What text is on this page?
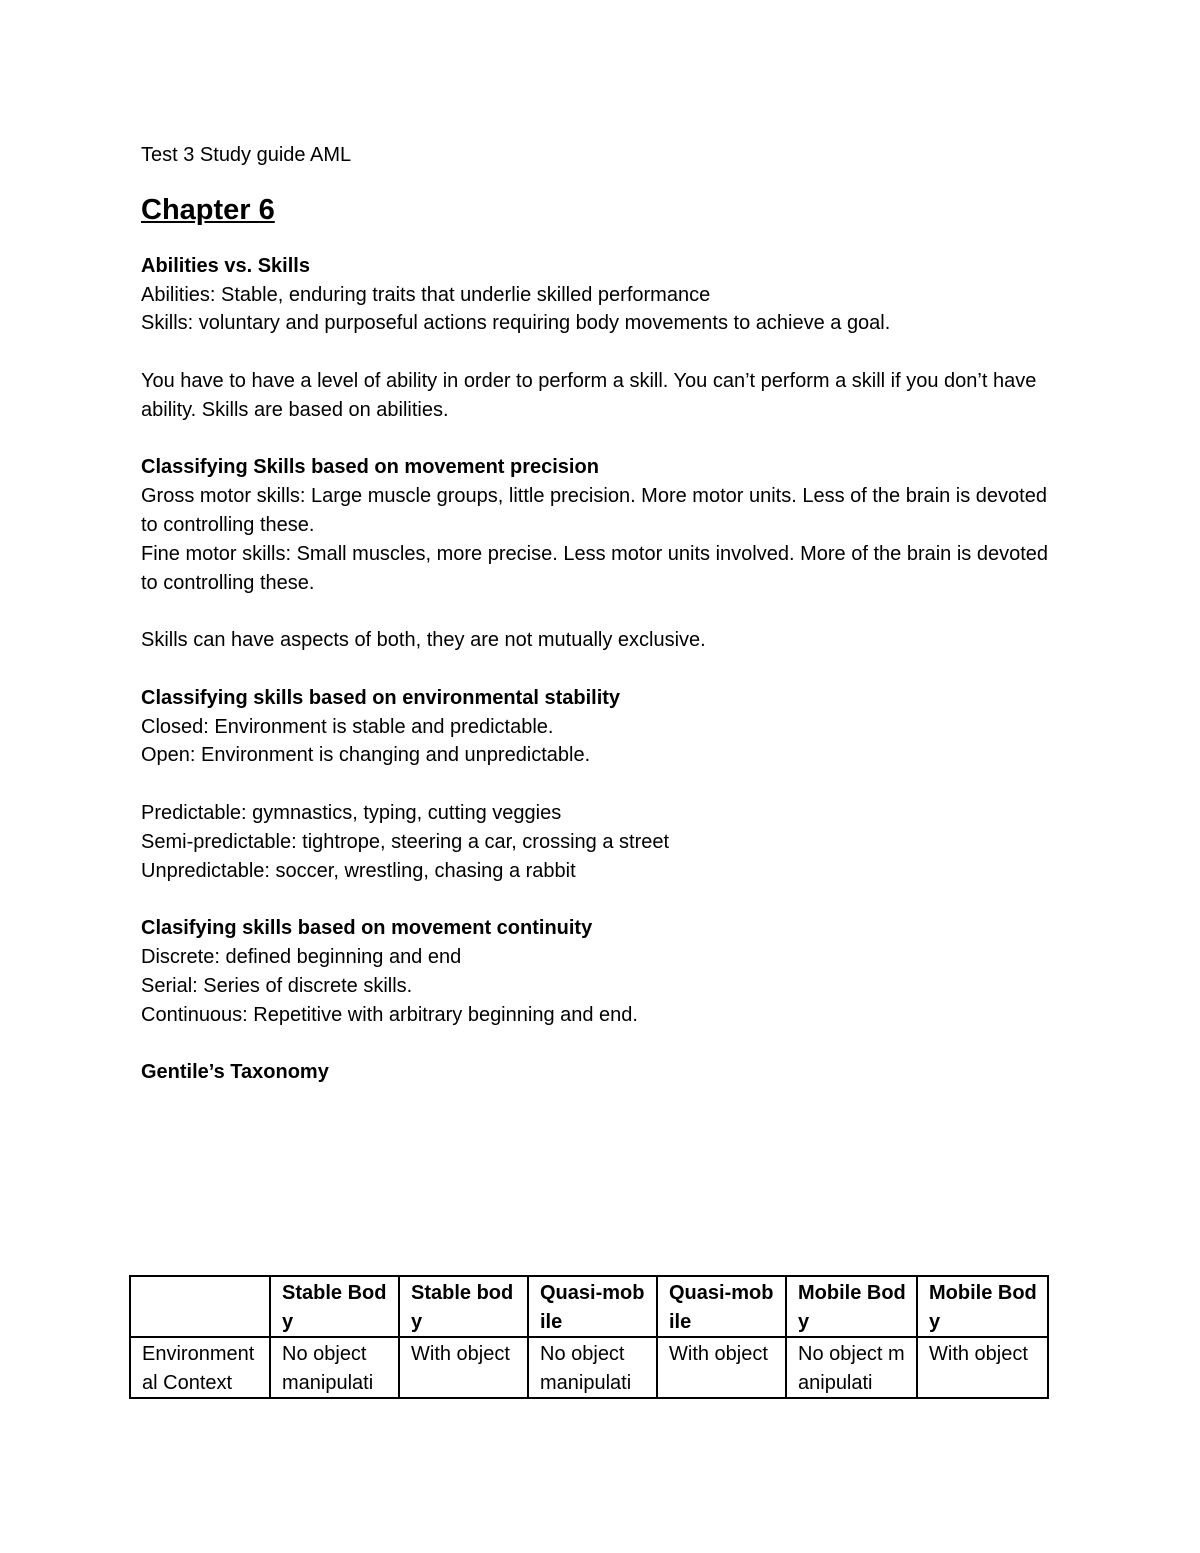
Test 3 Study guide AML

Chapter 6

Abilities vs. Skills

Abilities: Stable, enduring traits that underlie skilled performance

Skills: voluntary and purposeful actions requiring body movements to achieve a goal.

You have to have a level of ability in order to perform a skill. You can’t perform a skill if you don’t have ability. Skills are based on abilities.

Classifying Skills based on movement precision

Gross motor skills: Large muscle groups, little precision. More motor units. Less of the brain is devoted to controlling these.

Fine motor skills: Small muscles, more precise. Less motor units involved. More of the brain is devoted to controlling these.

Skills can have aspects of both, they are not mutually exclusive.

Classifying skills based on environmental stability

Closed: Environment is stable and predictable.

Open: Environment is changing and unpredictable.

Predictable: gymnastics, typing, cutting veggies

Semi-predictable: tightrope, steering a car, crossing a street

Unpredictable: soccer, wrestling, chasing a rabbit

Clasifying skills based on movement continuity

Discrete: defined beginning and end

Serial: Series of discrete skills.

Continuous: Repetitive with arbitrary beginning and end.

Gentile’s Taxonomy

	Stable Body	Stable body	Quasi-mobile	Quasi-mobile	Mobile Body	Mobile Body
Environmental Context	No object manipulati	With object	No object manipulati	With object	No object manipulati	With object
